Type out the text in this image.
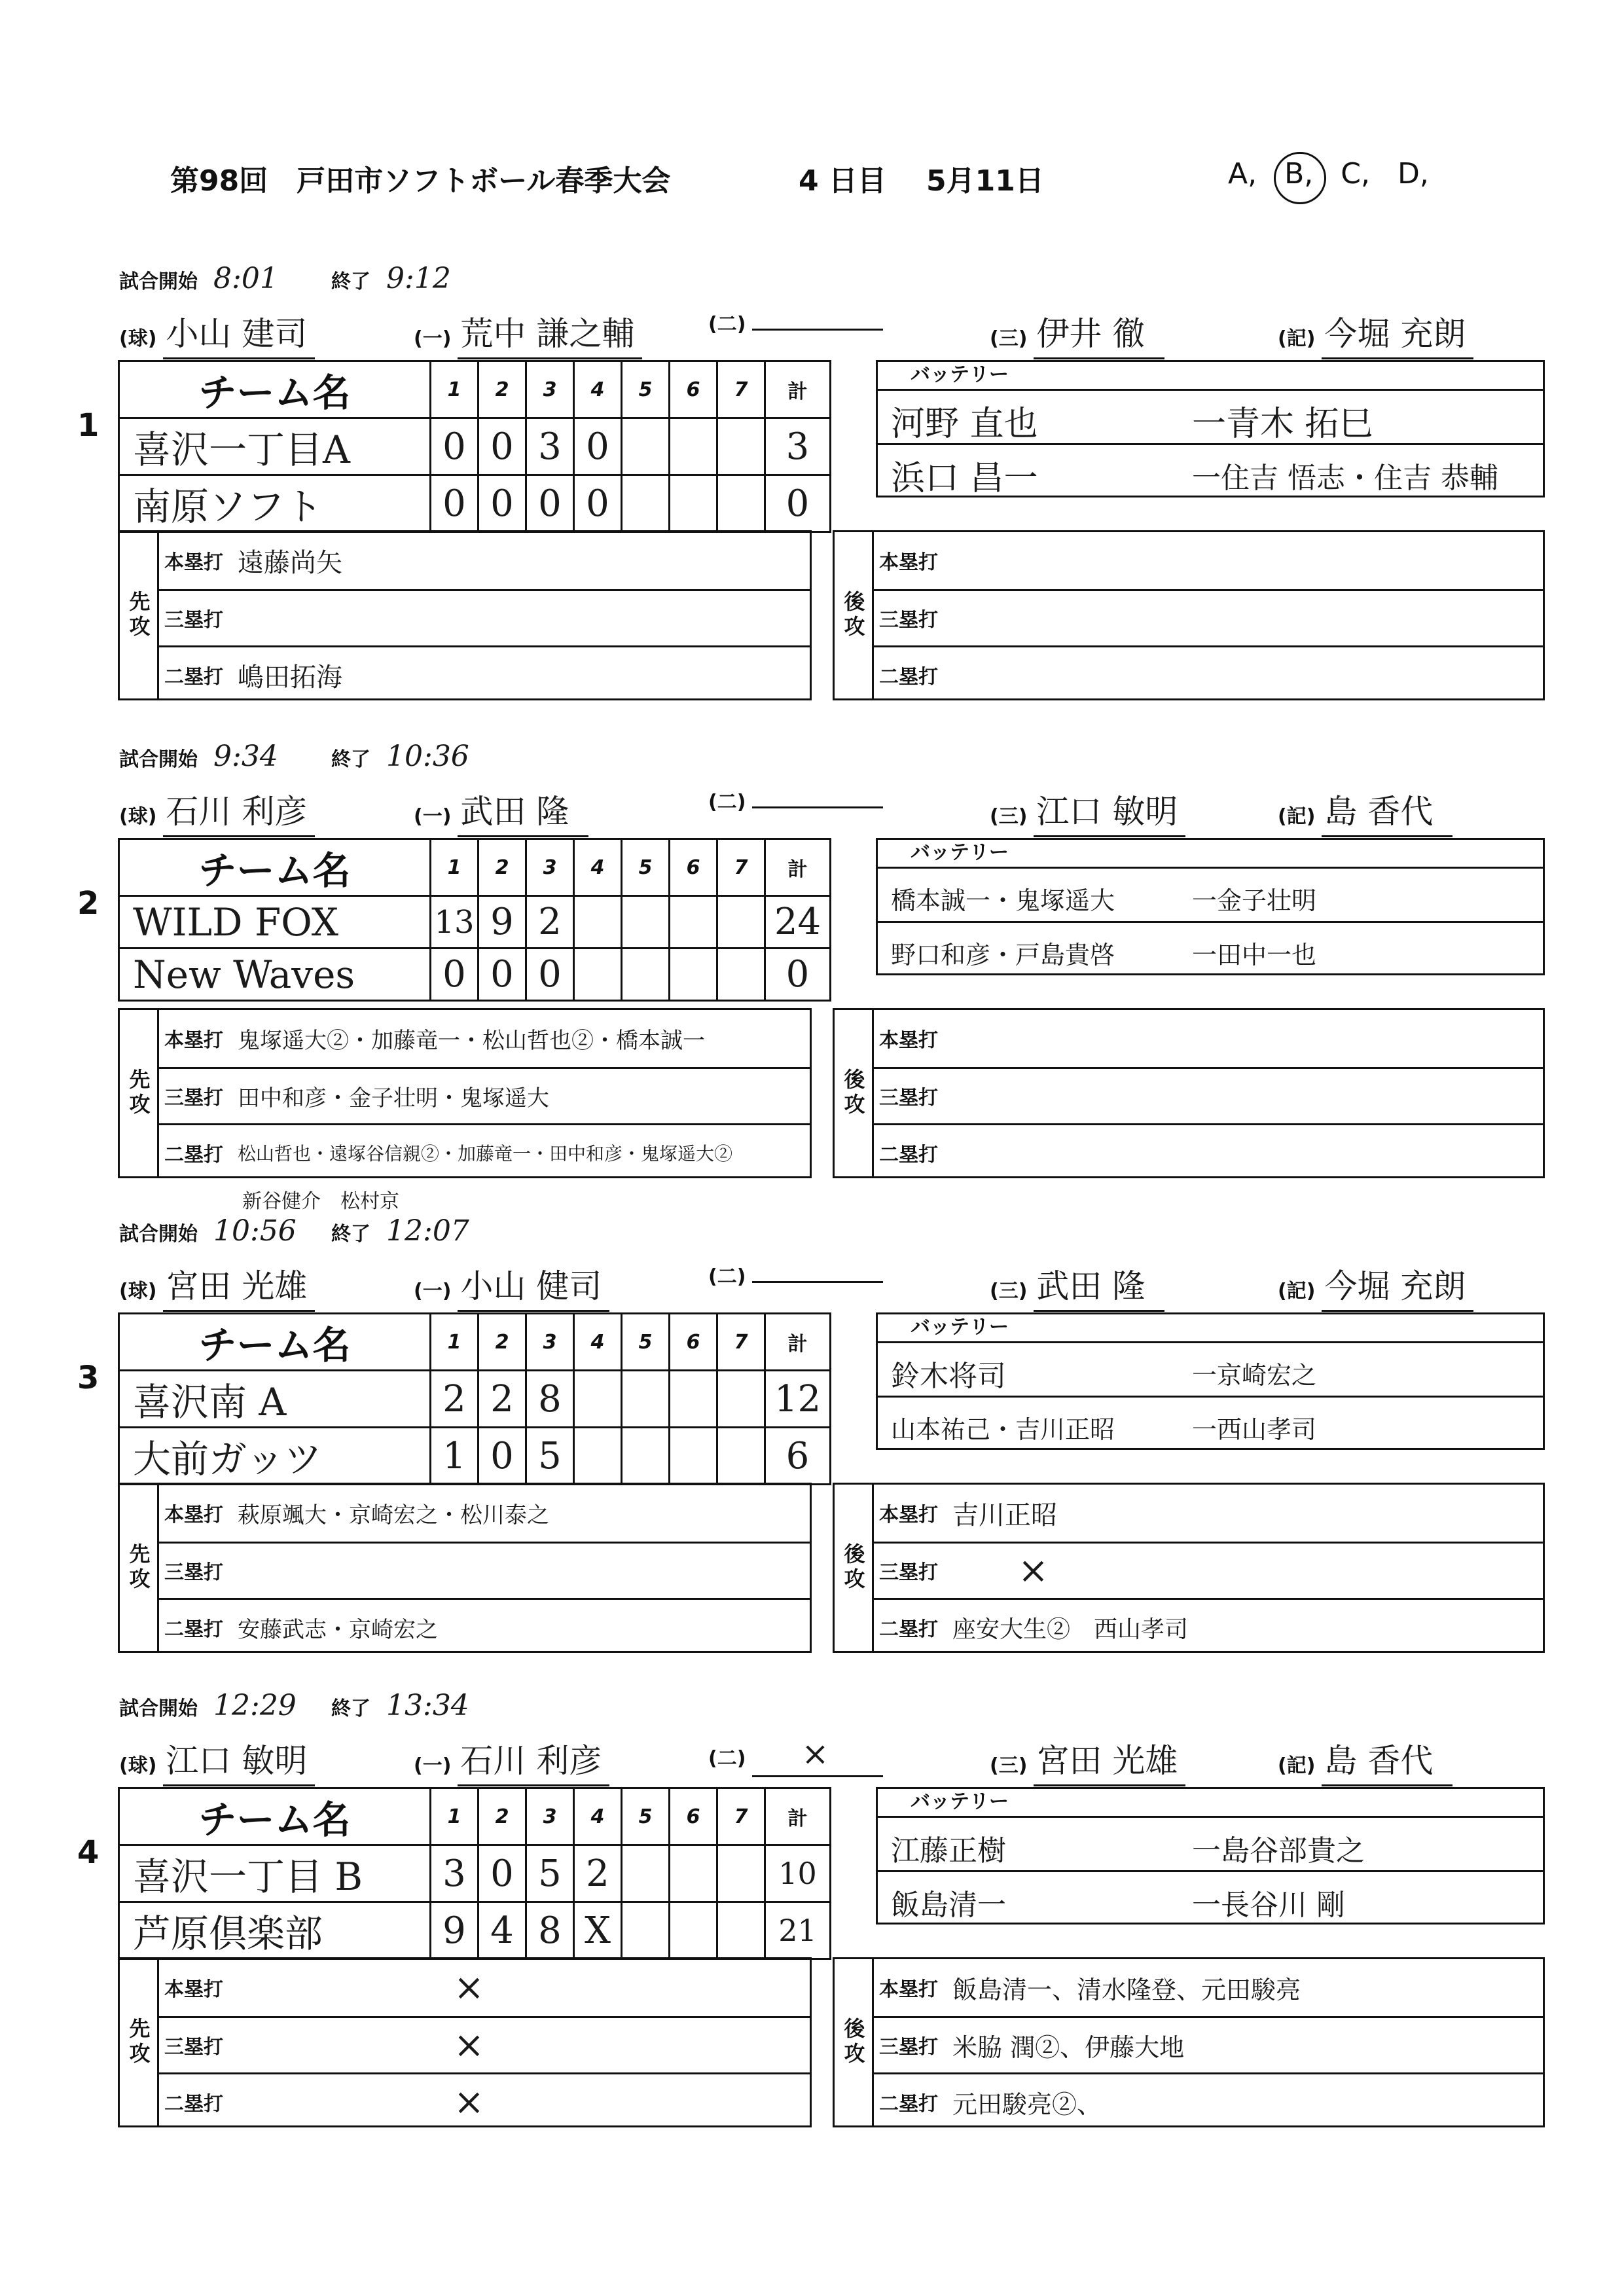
第98回　戸田市ソフトボール春季大会	4 日目 5月11日	A, B, C, D,
試合開始 8:01	終了 9:12
(球) 小山 建司	(一) 荒中 謙之輔	(二)
(三) 伊井 徹	(記) 今堀 充朗
1
チーム名	1	2	3	4	5	6	7	計
喜沢一丁目A	0	0	3	0				3
南原ソフト	0	0	0	0				0
バッテリー
河野 直也	一青木 拓巳
浜口 昌一	一住吉 悟志・住吉 恭輔
先攻
本塁打 遠藤尚矢
三塁打
二塁打 嶋田拓海
後攻
本塁打
三塁打
二塁打
試合開始 9:34	終了 10:36
(球) 石川 利彦	(一) 武田 隆	(二)
(三) 江口 敏明	(記) 島 香代
2
チーム名	1	2	3	4	5	6	7	計
WILD FOX	13	9	2					24
New Waves	0	0	0					0
バッテリー
橋本誠一・鬼塚遥大	一金子壮明
野口和彦・戸島貴啓	一田中一也
先攻
本塁打 鬼塚遥大②・加藤竜一・松山哲也②・橋本誠一
三塁打 田中和彦・金子壮明・鬼塚遥大
二塁打 松山哲也・遠塚谷信親②・加藤竜一・田中和彦・鬼塚遥大②
新谷健介　松村京
後攻
本塁打
三塁打
二塁打
試合開始 10:56	終了 12:07
(球) 宮田 光雄	(一) 小山 健司	(二)
(三) 武田 隆	(記) 今堀 充朗
3
チーム名	1	2	3	4	5	6	7	計
喜沢南 A	2	2	8					12
大前ガッツ	1	0	5					6
バッテリー
鈴木将司	一京崎宏之
山本祐己・吉川正昭	一西山孝司
先攻
本塁打 萩原颯大・京崎宏之・松川泰之
三塁打
二塁打 安藤武志・京崎宏之
後攻
本塁打 吉川正昭
三塁打	×
二塁打 座安大生②　西山孝司
試合開始 12:29	終了 13:34
(球) 江口 敏明	(一) 石川 利彦	(二)	×	(三) 宮田 光雄	(記) 島 香代
4
チーム名	1	2	3	4	5	6	7	計
喜沢一丁目 B	3	0	5	2				10
芦原倶楽部	9	4	8	X				21
バッテリー
江藤正樹	一島谷部貴之
飯島清一	一長谷川 剛
先攻
本塁打	×
三塁打	×
二塁打	×
後攻
本塁打 飯島清一、清水隆登、元田駿亮
三塁打 米脇 潤②、伊藤大地
二塁打 元田駿亮②、
